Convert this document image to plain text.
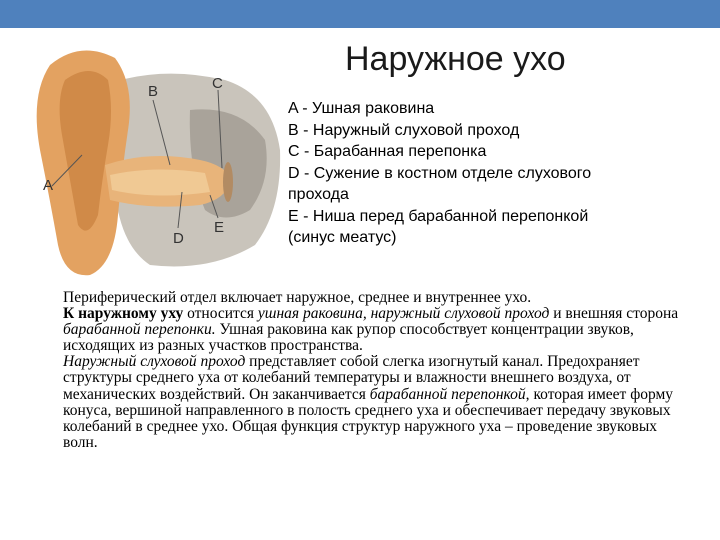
A
B	C
D
E
Наружное ухо
A - Ушная раковина
B - Наружный слуховой проход
C - Барабанная перепонка
D - Сужение в костном отделе слухового
прохода
E - Ниша перед барабанной перепонкой
(синус меатус)

Периферический отдел включает наружное, среднее и внутреннее ухо.

К наружному уху относится ушная раковина, наружный слуховой проход и внешняя сторона барабанной перепонки. Ушная раковина как рупор способствует концентрации звуков, исходящих из разных участков пространства.

Наружный слуховой проход представляет собой слегка изогнутый канал. Предохраняет структуры среднего уха от колебаний температуры и влажности внешнего воздуха, от механических воздействий. Он заканчивается барабанной перепонкой, которая имеет форму конуса, вершиной направленного в полость среднего уха и обеспечивает передачу звуковых колебаний в среднее ухо. Общая функция структур наружного уха – проведение звуковых волн.
